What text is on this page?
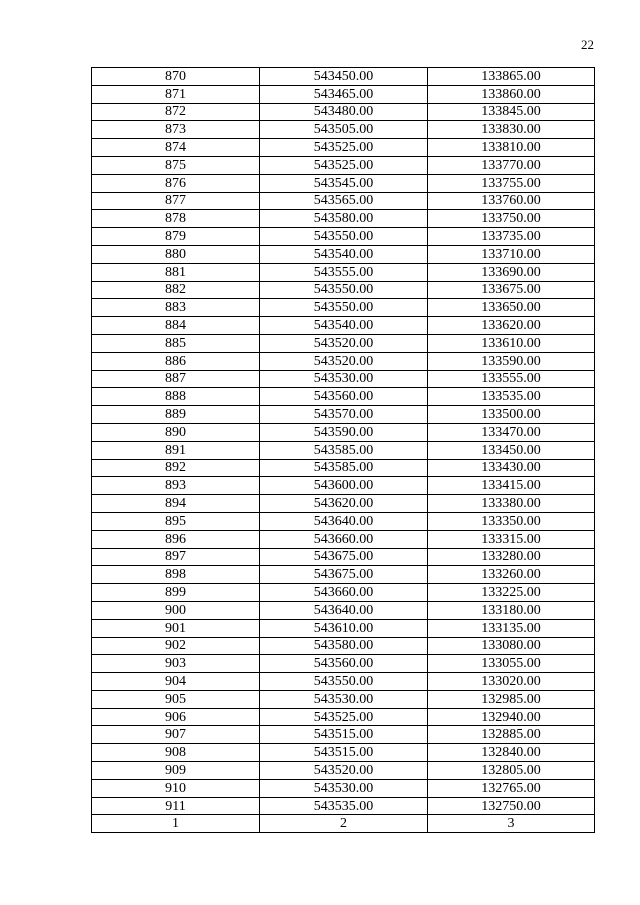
22
870	543450.00	133865.00
871	543465.00	133860.00
872	543480.00	133845.00
873	543505.00	133830.00
874	543525.00	133810.00
875	543525.00	133770.00
876	543545.00	133755.00
877	543565.00	133760.00
878	543580.00	133750.00
879	543550.00	133735.00
880	543540.00	133710.00
881	543555.00	133690.00
882	543550.00	133675.00
883	543550.00	133650.00
884	543540.00	133620.00
885	543520.00	133610.00
886	543520.00	133590.00
887	543530.00	133555.00
888	543560.00	133535.00
889	543570.00	133500.00
890	543590.00	133470.00
891	543585.00	133450.00
892	543585.00	133430.00
893	543600.00	133415.00
894	543620.00	133380.00
895	543640.00	133350.00
896	543660.00	133315.00
897	543675.00	133280.00
898	543675.00	133260.00
899	543660.00	133225.00
900	543640.00	133180.00
901	543610.00	133135.00
902	543580.00	133080.00
903	543560.00	133055.00
904	543550.00	133020.00
905	543530.00	132985.00
906	543525.00	132940.00
907	543515.00	132885.00
908	543515.00	132840.00
909	543520.00	132805.00
910	543530.00	132765.00
911	543535.00	132750.00
1	2	3
